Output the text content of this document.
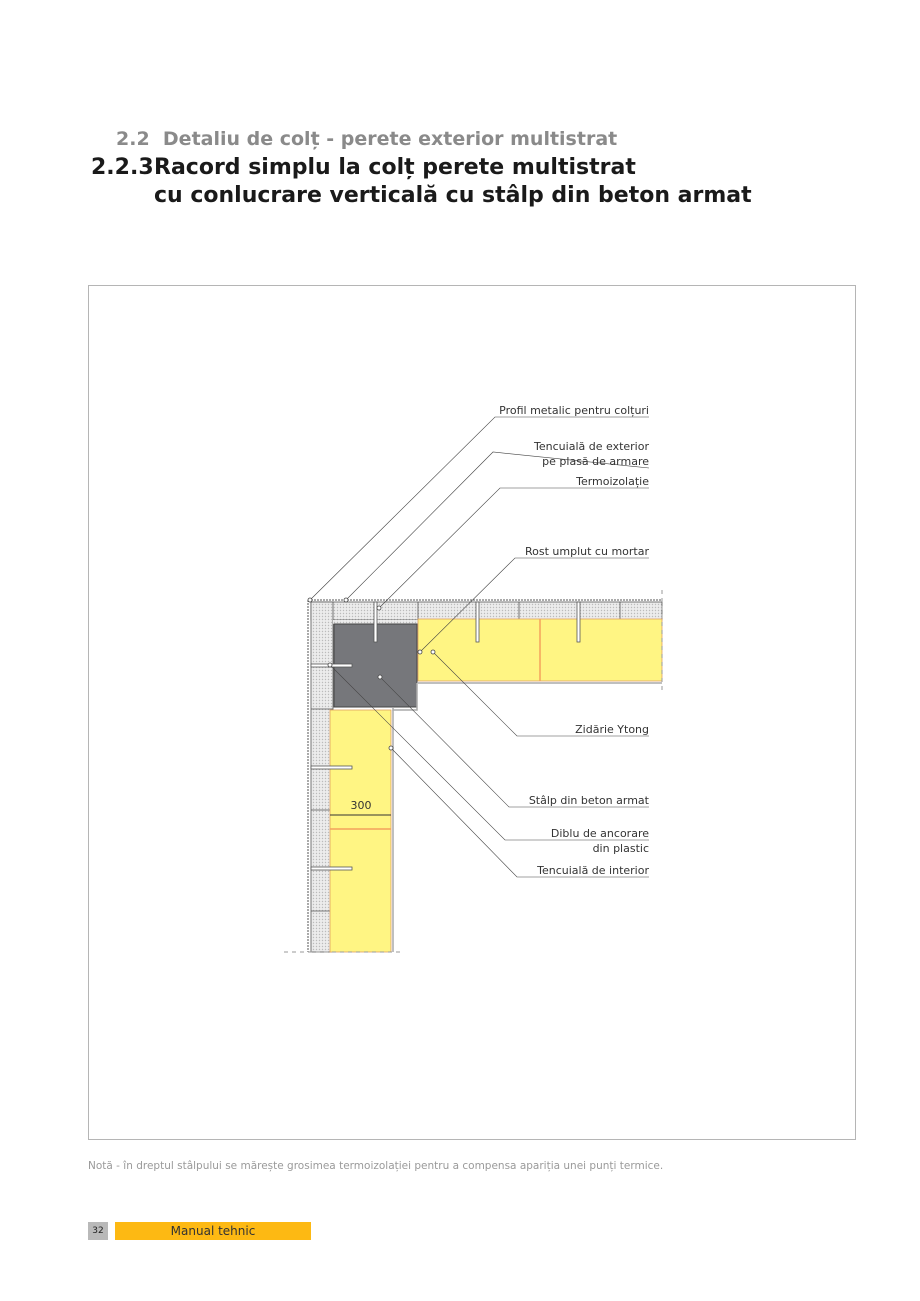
2.2 Detaliu de colț - perete exterior multistrat
2.2.3 Racord simplu la colț perete multistrat
cu conlucrare verticală cu stâlp din beton armat
300
Profil metalic pentru colțuri
Tencuială de exterior
pe plasă de armare
Termoizolație
Rost umplut cu mortar
Zidărie Ytong
Stâlp din beton armat
Diblu de ancorare
din plastic
Tencuială de interior
Notă - în dreptul stâlpului se mărește grosimea termoizolației pentru a compensa apariția unei punți termice.
32	Manual tehnic
